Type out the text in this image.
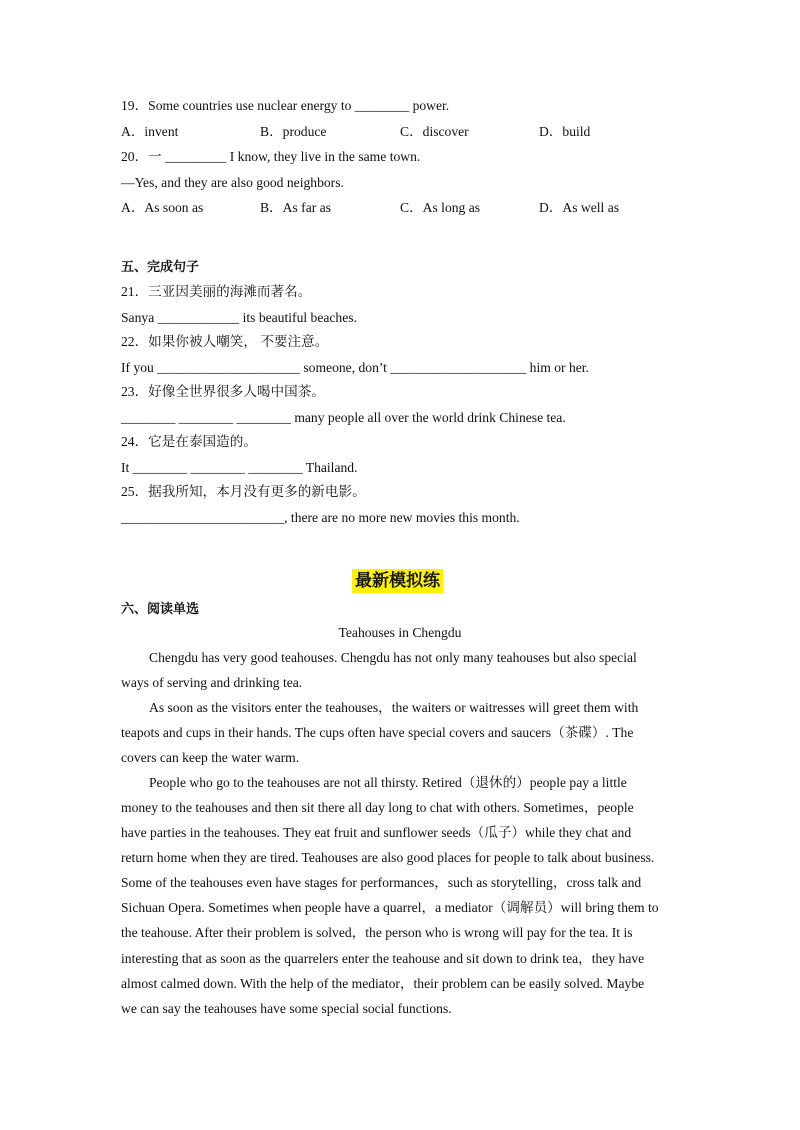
19．Some countries use nuclear energy to ________ power.
A．invent	B．produce	C．discover	D．build
20．一 _________ I know, they live in the same town.
—Yes, and they are also good neighbors.
A．As soon as	B．As far as	C．As long as	D．As well as
五、完成句子
21．三亚因美丽的海滩而著名。
Sanya ____________ its beautiful beaches.
22．如果你被人嘲笑， 不要注意。
If you _____________________ someone, don’t ____________________ him or her.
23．好像全世界很多人喝中国茶。
________ ________ ________ many people all over the world drink Chinese tea.
24．它是在泰国造的。
It ________ ________ ________ Thailand.
25．据我所知，本月没有更多的新电影。
________________________, there are no more new movies this month.
最新模拟练
六、阅读单选
Teahouses in Chengdu
Chengdu has very good teahouses. Chengdu has not only many teahouses but also special
ways of serving and drinking tea.
As soon as the visitors enter the teahouses，the waiters or waitresses will greet them with
teapots and cups in their hands. The cups often have special covers and saucers（茶碟）. The
covers can keep the water warm.
People who go to the teahouses are not all thirsty. Retired（退休的）people pay a little
money to the teahouses and then sit there all day long to chat with others. Sometimes，people
have parties in the teahouses. They eat fruit and sunflower seeds（瓜子）while they chat and
return home when they are tired. Teahouses are also good places for people to talk about business.
Some of the teahouses even have stages for performances，such as storytelling，cross talk and
Sichuan Opera. Sometimes when people have a quarrel，a mediator（调解员）will bring them to
the teahouse. After their problem is solved，the person who is wrong will pay for the tea. It is
interesting that as soon as the quarrelers enter the teahouse and sit down to drink tea，they have
almost calmed down. With the help of the mediator，their problem can be easily solved. Maybe
we can say the teahouses have some special social functions.
